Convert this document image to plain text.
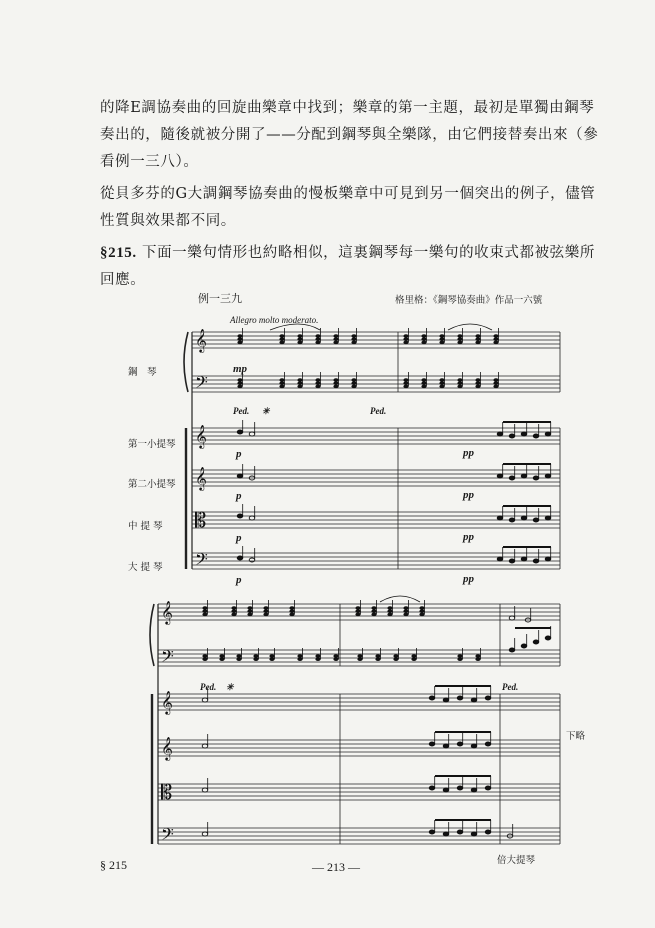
的降E調協奏曲的回旋曲樂章中找到；樂章的第一主題，最初是單獨由鋼琴奏出的，隨後就被分開了——分配到鋼琴與全樂隊，由它們接替奏出來（參看例一三八）。

從貝多芬的G大調鋼琴協奏曲的慢板樂章中可見到另一個突出的例子，儘管性質與效果都不同。

§215. 下面一樂句情形也約略相似，這裏鋼琴每一樂句的收束式都被弦樂所回應。

例一三九	格里格：《鋼琴協奏曲》作品一六號
Allegro molto moderato.
鋼　琴
第一小提琴
第二小提琴
中 提 琴
大 提 琴
mp
Ped. ✳	Ped.
p
p
p
p
pp
pp
pp
pp
Ped. ✳	Ped.
下略
倍大提琴
𝄞
𝄢
𝄞
𝄞
𝄡
𝄢
𝄞
𝄢
𝄞
𝄞
𝄡
𝄢
§ 215	— 213 —
